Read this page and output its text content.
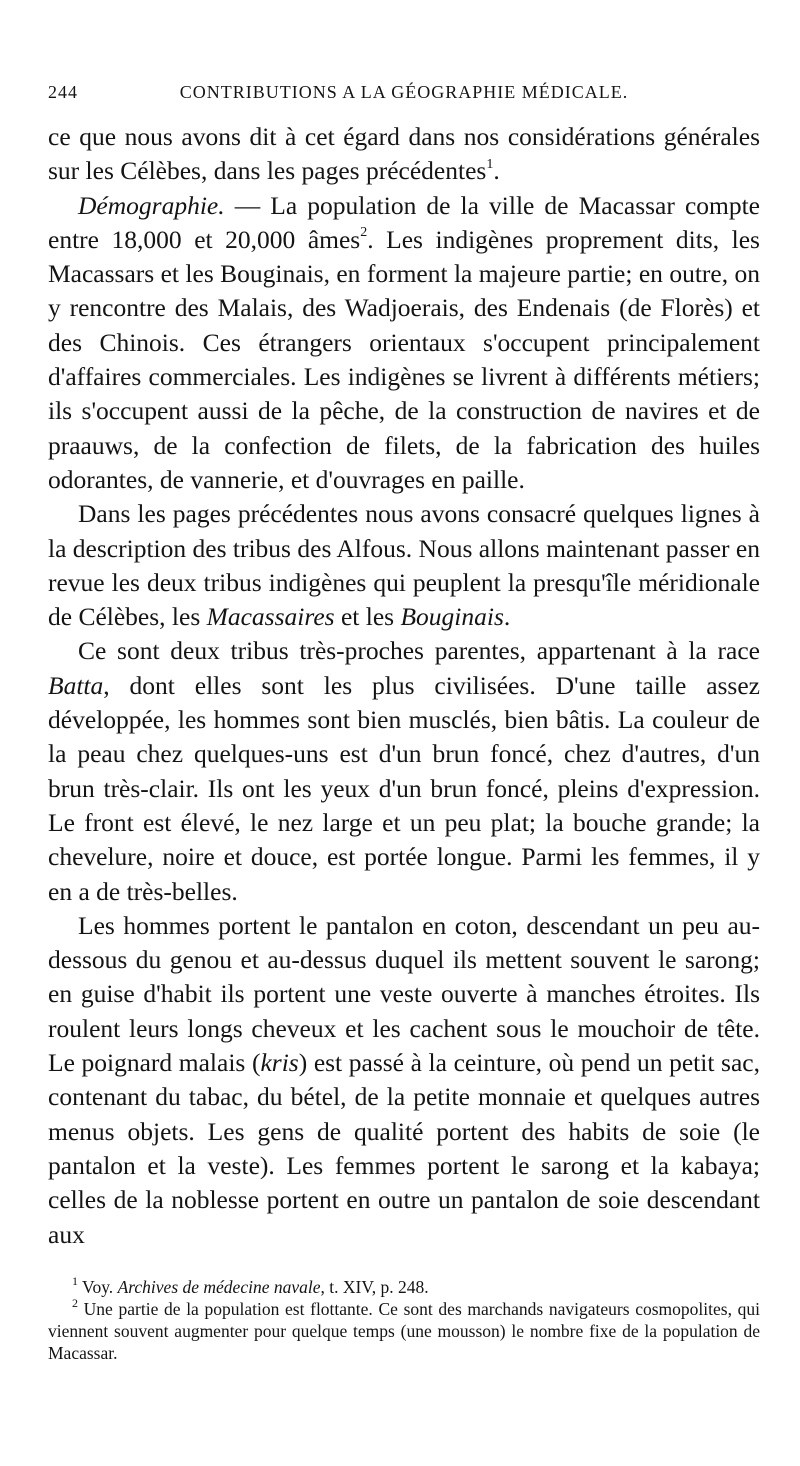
244	CONTRIBUTIONS A LA GÉOGRAPHIE MÉDICALE.

ce que nous avons dit à cet égard dans nos considérations générales sur les Célèbes, dans les pages précédentes$^1$.

Démographie. — La population de la ville de Macassar compte entre 18,000 et 20,000 âmes$^2$. Les indigènes proprement dits, les Macassars et les Bouginais, en forment la majeure partie; en outre, on y rencontre des Malais, des Wadjoerais, des Endenais (de Florès) et des Chinois. Ces étrangers orientaux s'occupent principalement d'affaires commerciales. Les indigènes se livrent à différents métiers; ils s'occupent aussi de la pêche, de la construction de navires et de praauws, de la confection de filets, de la fabrication des huiles odorantes, de vannerie, et d'ouvrages en paille.

Dans les pages précédentes nous avons consacré quelques lignes à la description des tribus des Alfous. Nous allons maintenant passer en revue les deux tribus indigènes qui peuplent la presqu'île méridionale de Célèbes, les Macassaires et les Bouginais.

Ce sont deux tribus très-proches parentes, appartenant à la race Batta, dont elles sont les plus civilisées. D'une taille assez développée, les hommes sont bien musclés, bien bâtis. La couleur de la peau chez quelques-uns est d'un brun foncé, chez d'autres, d'un brun très-clair. Ils ont les yeux d'un brun foncé, pleins d'expression. Le front est élevé, le nez large et un peu plat; la bouche grande; la chevelure, noire et douce, est portée longue. Parmi les femmes, il y en a de très-belles.

Les hommes portent le pantalon en coton, descendant un peu au-dessous du genou et au-dessus duquel ils mettent souvent le sarong; en guise d'habit ils portent une veste ouverte à manches étroites. Ils roulent leurs longs cheveux et les cachent sous le mouchoir de tête. Le poignard malais (kris) est passé à la ceinture, où pend un petit sac, contenant du tabac, du bétel, de la petite monnaie et quelques autres menus objets. Les gens de qualité portent des habits de soie (le pantalon et la veste). Les femmes portent le sarong et la kabaya; celles de la noblesse portent en outre un pantalon de soie descendant aux

$^1$ Voy. Archives de médecine navale, t. XIV, p. 248.

$^2$ Une partie de la population est flottante. Ce sont des marchands navigateurs cosmopolites, qui viennent souvent augmenter pour quelque temps (une mousson) le nombre fixe de la population de Macassar.
